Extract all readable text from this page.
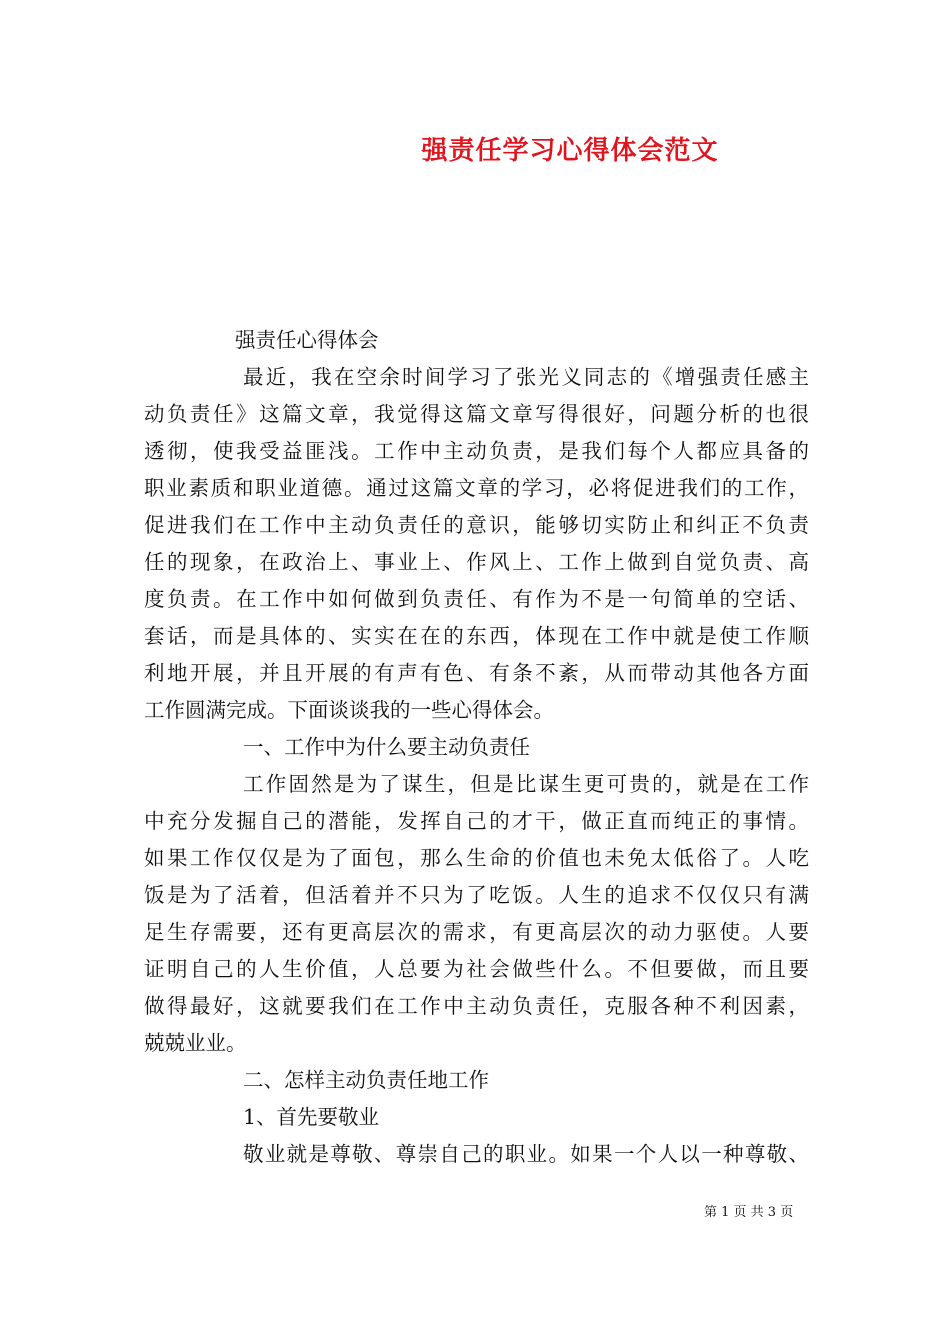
强责任学习心得体会范文
强责任心得体会
最近，我在空余时间学习了张光义同志的《增强责任感主
动负责任》这篇文章，我觉得这篇文章写得很好，问题分析的也很
透彻，使我受益匪浅。工作中主动负责，是我们每个人都应具备的
职业素质和职业道德。通过这篇文章的学习，必将促进我们的工作，
促进我们在工作中主动负责任的意识，能够切实防止和纠正不负责
任的现象，在政治上、事业上、作风上、工作上做到自觉负责、高
度负责。在工作中如何做到负责任、有作为不是一句简单的空话、
套话，而是具体的、实实在在的东西，体现在工作中就是使工作顺
利地开展，并且开展的有声有色、有条不紊，从而带动其他各方面
工作圆满完成。下面谈谈我的一些心得体会。
一、工作中为什么要主动负责任
工作固然是为了谋生，但是比谋生更可贵的，就是在工作
中充分发掘自己的潜能，发挥自己的才干，做正直而纯正的事情。
如果工作仅仅是为了面包，那么生命的价值也未免太低俗了。人吃
饭是为了活着，但活着并不只为了吃饭。人生的追求不仅仅只有满
足生存需要，还有更高层次的需求，有更高层次的动力驱使。人要
证明自己的人生价值，人总要为社会做些什么。不但要做，而且要
做得最好，这就要我们在工作中主动负责任，克服各种不利因素，
兢兢业业。
二、怎样主动负责任地工作
1、首先要敬业
敬业就是尊敬、尊崇自己的职业。如果一个人以一种尊敬、
第 1 页 共 3 页
